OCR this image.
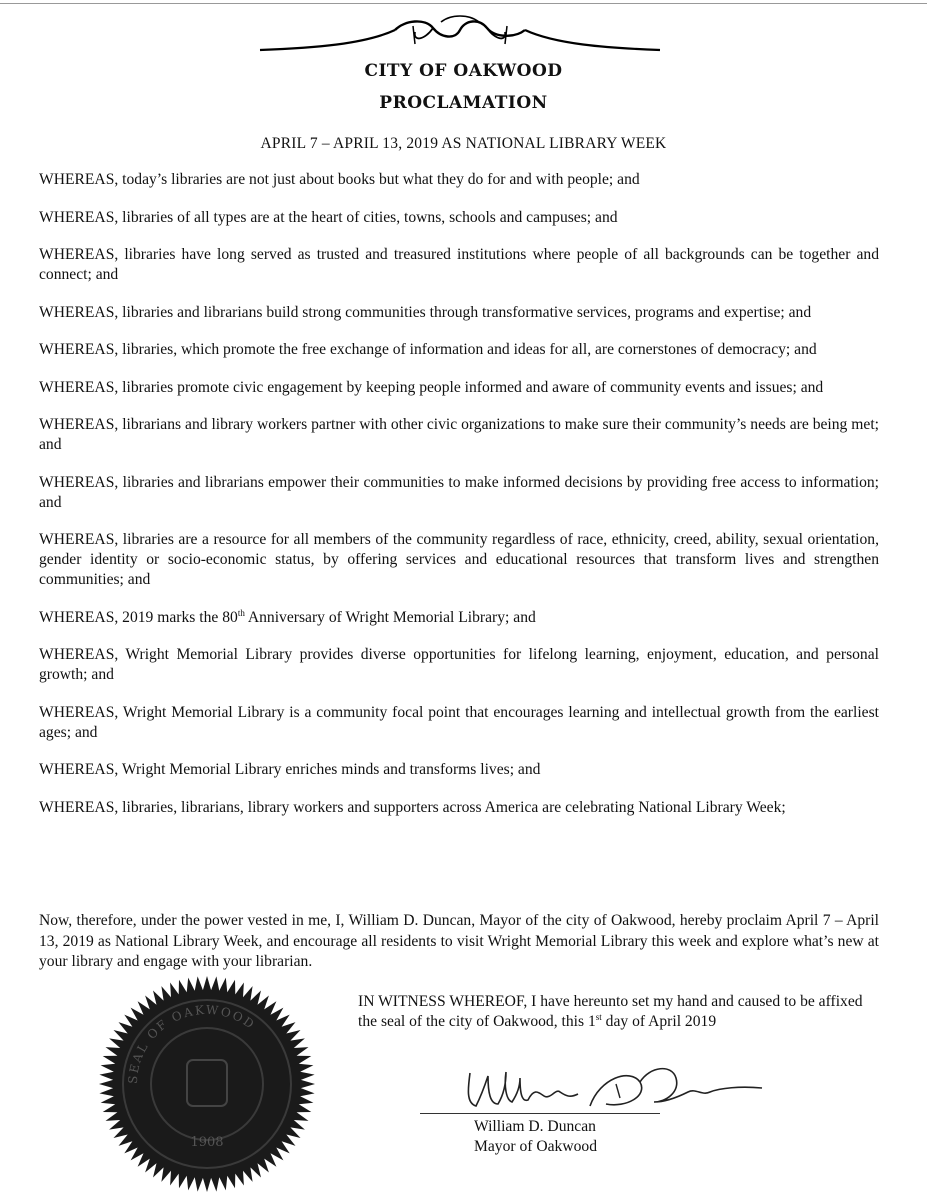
CITY OF OAKWOOD
PROCLAMATION
APRIL 7 – APRIL 13, 2019 AS NATIONAL LIBRARY WEEK

WHEREAS, today’s libraries are not just about books but what they do for and with people; and

WHEREAS, libraries of all types are at the heart of cities, towns, schools and campuses; and

WHEREAS, libraries have long served as trusted and treasured institutions where people of all backgrounds can be together and connect; and

WHEREAS, libraries and librarians build strong communities through transformative services, programs and expertise; and

WHEREAS, libraries, which promote the free exchange of information and ideas for all, are cornerstones of democracy; and

WHEREAS, libraries promote civic engagement by keeping people informed and aware of community events and issues; and

WHEREAS, librarians and library workers partner with other civic organizations to make sure their community’s needs are being met; and

WHEREAS, libraries and librarians empower their communities to make informed decisions by providing free access to information; and

WHEREAS, libraries are a resource for all members of the community regardless of race, ethnicity, creed, ability, sexual orientation, gender identity or socio-economic status, by offering services and educational resources that transform lives and strengthen communities; and

WHEREAS, 2019 marks the 80th Anniversary of Wright Memorial Library; and

WHEREAS, Wright Memorial Library provides diverse opportunities for lifelong learning, enjoyment, education, and personal growth; and

WHEREAS, Wright Memorial Library is a community focal point that encourages learning and intellectual growth from the earliest ages; and

WHEREAS, Wright Memorial Library enriches minds and transforms lives; and

WHEREAS, libraries, librarians, library workers and supporters across America are celebrating National Library Week;

Now, therefore, under the power vested in me, I, William D. Duncan, Mayor of the city of Oakwood, hereby proclaim April 7 – April 13, 2019 as National Library Week, and encourage all residents to visit Wright Memorial Library this week and explore what’s new at your library and engage with your librarian.
SEAL OF OAKWOOD
1908
IN WITNESS WHEREOF, I have hereunto set my hand and caused to be affixed the seal of the city of Oakwood, this 1st day of April 2019
William D. Duncan
Mayor of Oakwood
